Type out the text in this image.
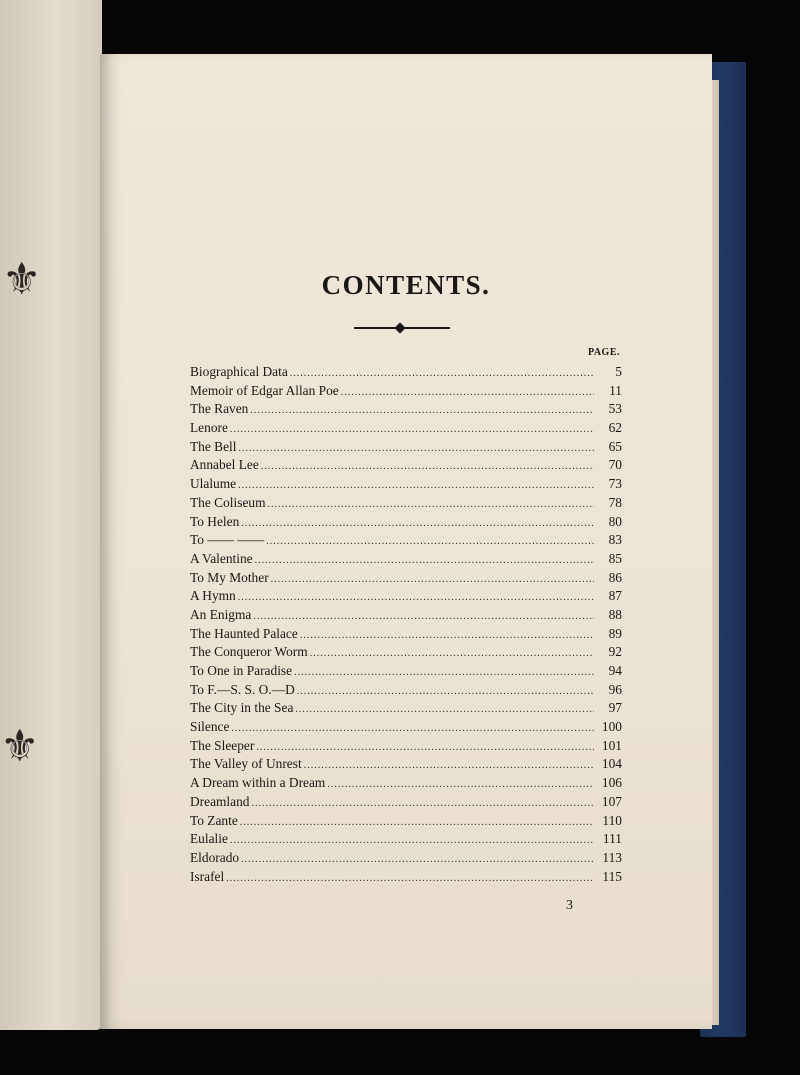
⚜
⚜
CONTENTS.
PAGE.
Biographical Data .....	5
Memoir of Edgar Allan Poe .....	11
The Raven .....	53
Lenore .....	62
The Bell .....	65
Annabel Lee .....	70
Ulalume .....	73
The Coliseum .....	78
To Helen .....	80
To —— —— .....	83
A Valentine .....	85
To My Mother .....	86
A Hymn .....	87
An Enigma .....	88
The Haunted Palace .....	89
The Conqueror Worm .....	92
To One in Paradise .....	94
To F.—S. S. O.—D .....	96
The City in the Sea .....	97
Silence .....	100
The Sleeper .....	101
The Valley of Unrest .....	104
A Dream within a Dream .....	106
Dreamland .....	107
To Zante .....	110
Eulalie .....	111
Eldorado .....	113
Israfel .....	115
3
